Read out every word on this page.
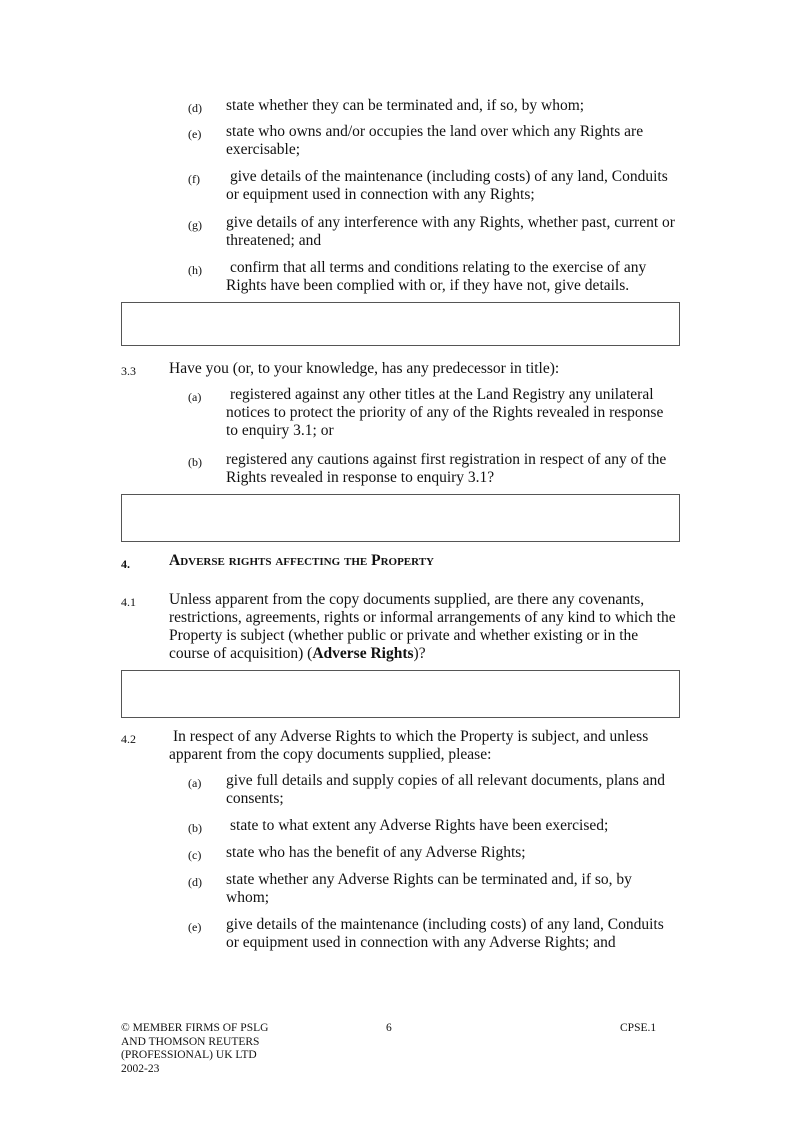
(d) state whether they can be terminated and, if so, by whom;
(e) state who owns and/or occupies the land over which any Rights are exercisable;
(f) give details of the maintenance (including costs) of any land, Conduits or equipment used in connection with any Rights;
(g) give details of any interference with any Rights, whether past, current or threatened; and
(h) confirm that all terms and conditions relating to the exercise of any Rights have been complied with or, if they have not, give details.
3.3 Have you (or, to your knowledge, has any predecessor in title):
(a) registered against any other titles at the Land Registry any unilateral notices to protect the priority of any of the Rights revealed in response to enquiry 3.1; or
(b) registered any cautions against first registration in respect of any of the Rights revealed in response to enquiry 3.1?
4.	Adverse rights affecting the Property
4.1 Unless apparent from the copy documents supplied, are there any covenants, restrictions, agreements, rights or informal arrangements of any kind to which the Property is subject (whether public or private and whether existing or in the course of acquisition) (Adverse Rights)?
4.2 In respect of any Adverse Rights to which the Property is subject, and unless apparent from the copy documents supplied, please:
(a) give full details and supply copies of all relevant documents, plans and consents;
(b) state to what extent any Adverse Rights have been exercised;
(c) state who has the benefit of any Adverse Rights;
(d) state whether any Adverse Rights can be terminated and, if so, by whom;
(e) give details of the maintenance (including costs) of any land, Conduits or equipment used in connection with any Adverse Rights; and
© MEMBER FIRMS OF PSLG
AND THOMSON REUTERS
(PROFESSIONAL) UK LTD
2002-23
6	CPSE.1
